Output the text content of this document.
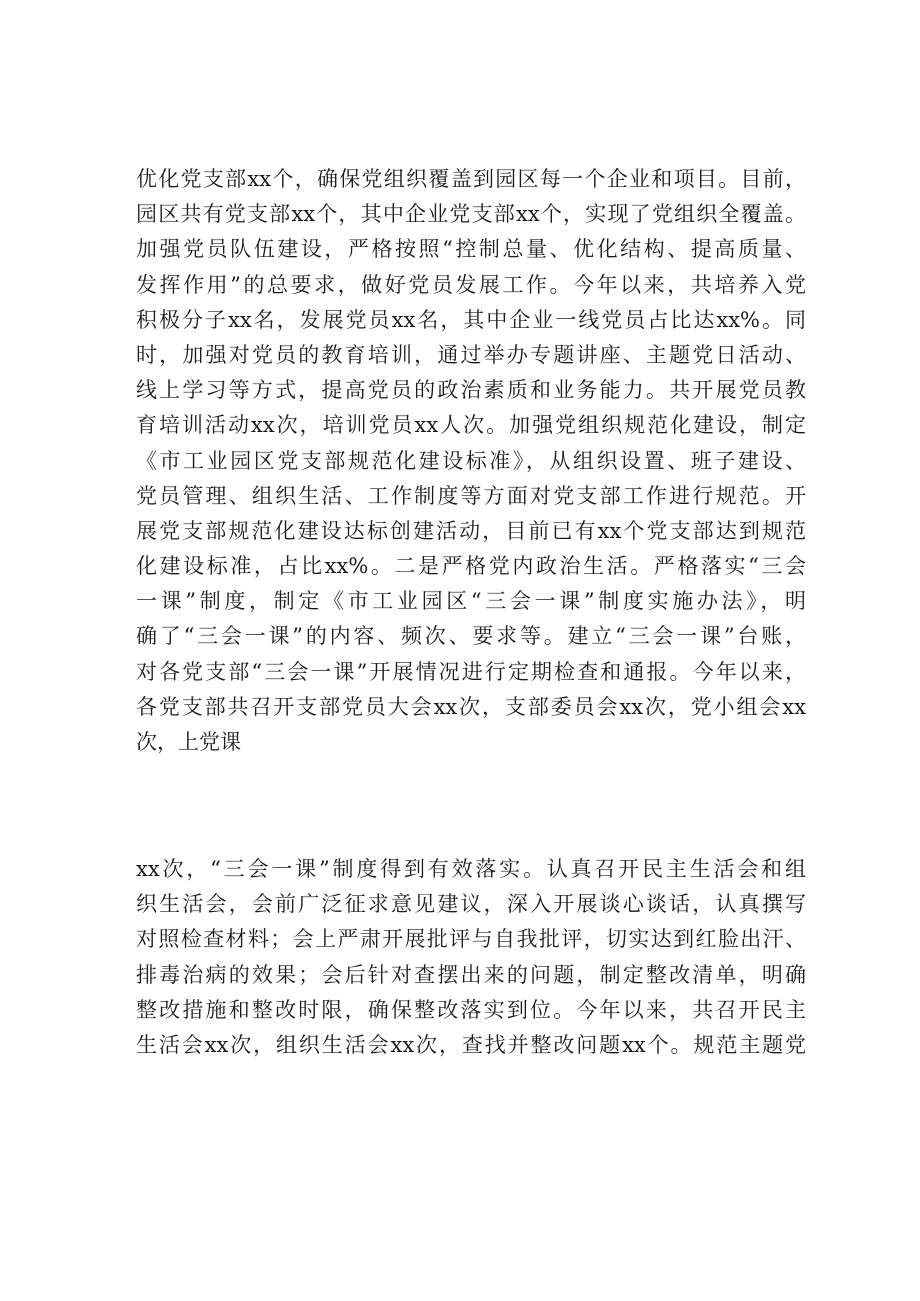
优化党支部xx个，确保党组织覆盖到园区每一个企业和项目。目前，
园区共有党支部xx个，其中企业党支部xx个，实现了党组织全覆盖。
加强党员队伍建设，严格按照“控制总量、优化结构、提高质量、
发挥作用”的总要求，做好党员发展工作。今年以来，共培养入党
积极分子xx名，发展党员xx名，其中企业一线党员占比达xx%。同
时，加强对党员的教育培训，通过举办专题讲座、主题党日活动、
线上学习等方式，提高党员的政治素质和业务能力。共开展党员教
育培训活动xx次，培训党员xx人次。加强党组织规范化建设，制定
《市工业园区党支部规范化建设标准》，从组织设置、班子建设、
党员管理、组织生活、工作制度等方面对党支部工作进行规范。开
展党支部规范化建设达标创建活动，目前已有xx个党支部达到规范
化建设标准，占比xx%。二是严格党内政治生活。严格落实“三会
一课”制度，制定《市工业园区“三会一课”制度实施办法》，明
确了“三会一课”的内容、频次、要求等。建立“三会一课”台账，
对各党支部“三会一课”开展情况进行定期检查和通报。今年以来，
各党支部共召开支部党员大会xx次，支部委员会xx次，党小组会xx
次，上党课
xx次，“三会一课”制度得到有效落实。认真召开民主生活会和组
织生活会，会前广泛征求意见建议，深入开展谈心谈话，认真撰写
对照检查材料；会上严肃开展批评与自我批评，切实达到红脸出汗、
排毒治病的效果；会后针对查摆出来的问题，制定整改清单，明确
整改措施和整改时限，确保整改落实到位。今年以来，共召开民主
生活会xx次，组织生活会xx次，查找并整改问题xx个。规范主题党
